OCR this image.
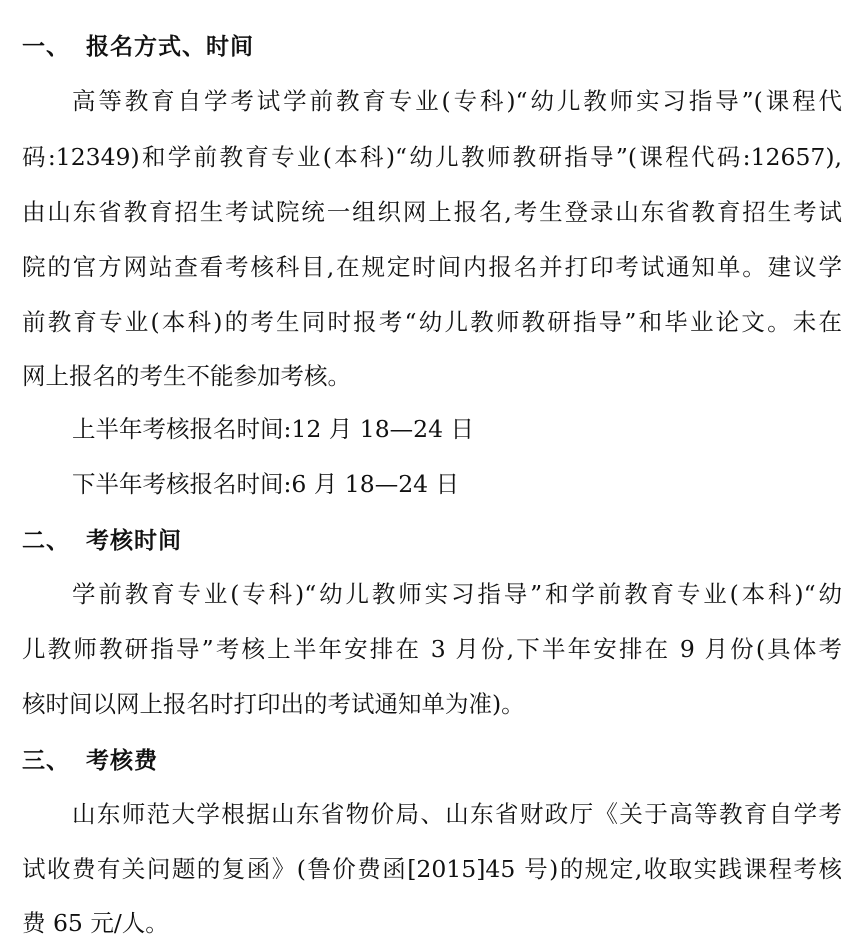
一、 报名方式、时间
高等教育自学考试学前教育专业(专科)“幼儿教师实习指导”(课程代
码:12349)和学前教育专业(本科)“幼儿教师教研指导”(课程代码:12657),
由山东省教育招生考试院统一组织网上报名,考生登录山东省教育招生考试
院的官方网站查看考核科目,在规定时间内报名并打印考试通知单。建议学
前教育专业(本科)的考生同时报考“幼儿教师教研指导”和毕业论文。未在
网上报名的考生不能参加考核。
上半年考核报名时间:12 月 18—24 日
下半年考核报名时间:6 月 18—24 日
二、 考核时间
学前教育专业(专科)“幼儿教师实习指导”和学前教育专业(本科)“幼
儿教师教研指导”考核上半年安排在 3 月份,下半年安排在 9 月份(具体考
核时间以网上报名时打印出的考试通知单为准)。
三、 考核费
山东师范大学根据山东省物价局、山东省财政厅《关于高等教育自学考
试收费有关问题的复函》(鲁价费函[2015]45 号)的规定,收取实践课程考核
费 65 元/人。
